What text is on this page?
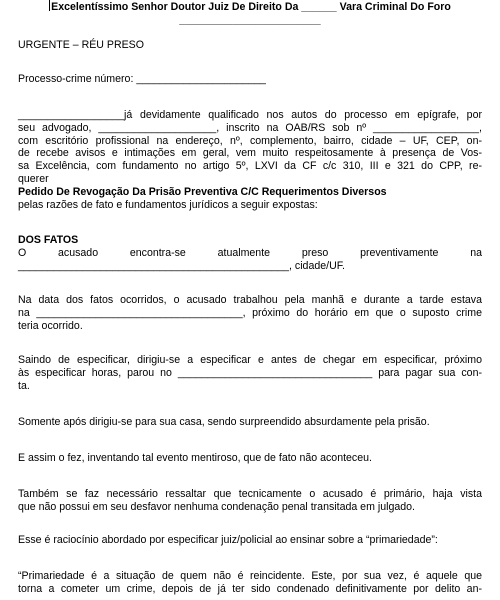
Excelentíssimo Senhor Doutor Juiz De Direito Da ______ Vara Criminal Do Foro
________________________

URGENTE – RÉU PRESO

Processo-crime número: ______________________

__________________já devidamente qualificado nos autos do processo em epígrafe, por
seu advogado, ____________________, inscrito na OAB/RS sob nº __________________,
com escritório profissional na endereço, nº, complemento, bairro, cidade – UF, CEP, on-
de recebe avisos e intimações em geral, vem muito respeitosamente à presença de Vos-
sa Excelência, com fundamento no artigo 5º, LXVI da CF c/c 310, III e 321 do CPP, re-
querer
Pedido De Revogação Da Prisão Preventiva C/C Requerimentos Diversos
pelas razões de fato e fundamentos jurídicos a seguir expostas:
DOS FATOS
O	acusado	encontra-se	atualmente	preso	preventivamente	na
______________________________________________, cidade/UF.
Na data dos fatos ocorridos, o acusado trabalhou pela manhã e durante a tarde estava
na ___________________________________, próximo do horário em que o suposto crime
teria ocorrido.
Saindo de especificar, dirigiu-se a especificar e antes de chegar em especificar, próximo
às especificar horas, parou no _________________________________ para pagar sua con-
ta.

Somente após dirigiu-se para sua casa, sendo surpreendido absurdamente pela prisão.

E assim o fez, inventando tal evento mentiroso, que de fato não aconteceu.

Também se faz necessário ressaltar que tecnicamente o acusado é primário, haja vista
que não possui em seu desfavor nenhuma condenação penal transitada em julgado.

Esse é raciocínio abordado por especificar juiz/policial ao ensinar sobre a “primariedade”:

“Primariedade é a situação de quem não é reincidente. Este, por sua vez, é aquele que
torna a cometer um crime, depois de já ter sido condenado definitivamente por delito an-
